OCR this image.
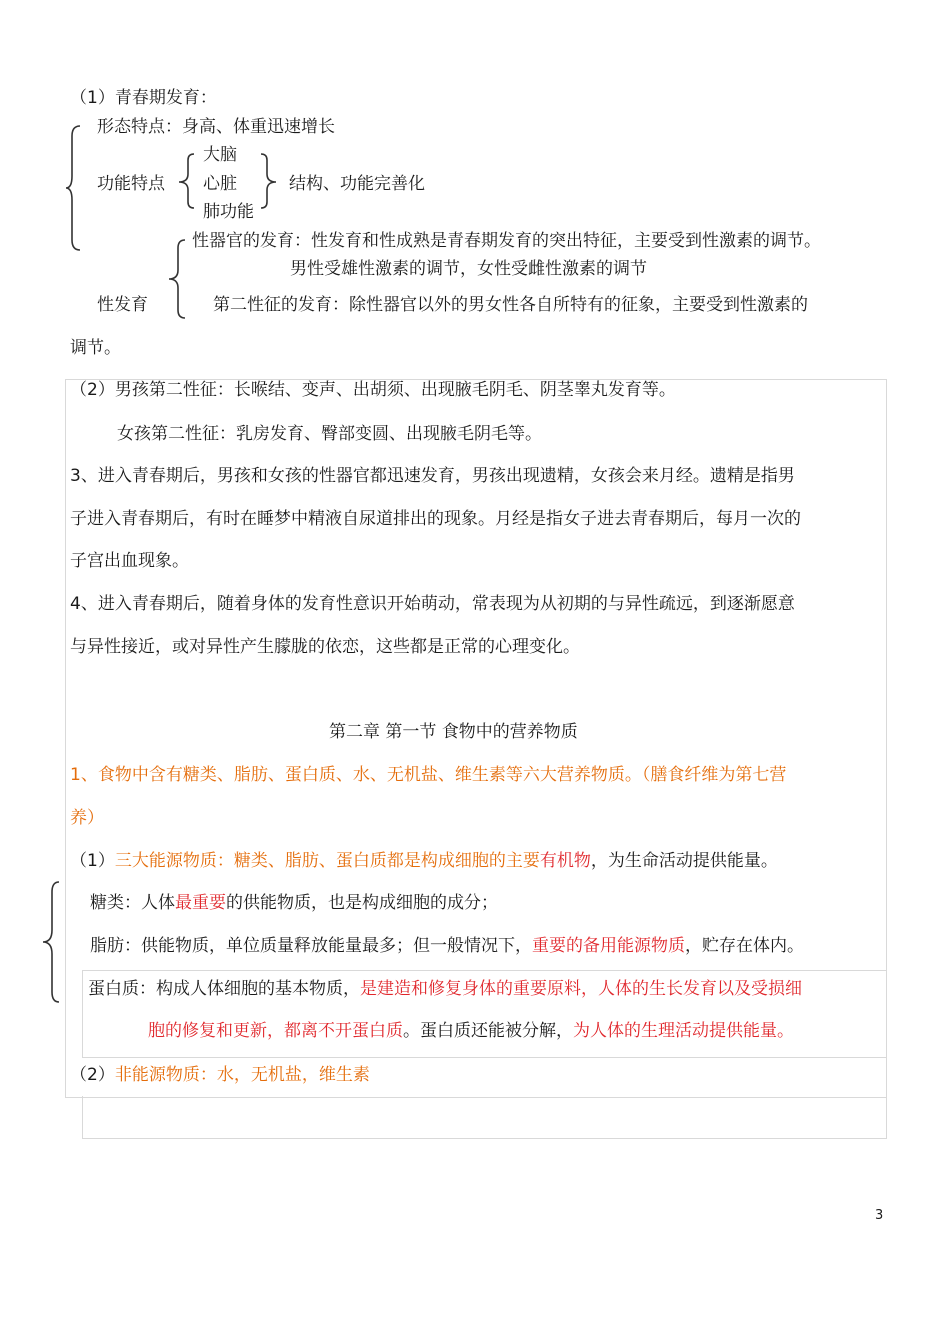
（1）青春期发育：
形态特点：身高、体重迅速增长
大脑
功能特点 心脏	结构、功能完善化
肺功能
性器官的发育：性发育和性成熟是青春期发育的突出特征，主要受到性激素的调节。
男性受雄性激素的调节，女性受雌性激素的调节
性发育	第二性征的发育：除性器官以外的男女性各自所特有的征象，主要受到性激素的
调节。
（2）男孩第二性征：长喉结、变声、出胡须、出现腋毛阴毛、阴茎睾丸发育等。
女孩第二性征：乳房发育、臀部变圆、出现腋毛阴毛等。
3、进入青春期后，男孩和女孩的性器官都迅速发育，男孩出现遗精，女孩会来月经。遗精是指男
子进入青春期后，有时在睡梦中精液自尿道排出的现象。月经是指女子进去青春期后，每月一次的
子宫出血现象。
4、进入青春期后，随着身体的发育性意识开始萌动，常表现为从初期的与异性疏远，到逐渐愿意
与异性接近，或对异性产生朦胧的依恋，这些都是正常的心理变化。
第二章 第一节 食物中的营养物质
1、食物中含有糖类、脂肪、蛋白质、水、无机盐、维生素等六大营养物质。（膳食纤维为第七营
养）
（1）三大能源物质：糖类、脂肪、蛋白质都是构成细胞的主要有机物，为生命活动提供能量。
糖类：人体最重要的供能物质，也是构成细胞的成分；
脂肪：供能物质，单位质量释放能量最多；但一般情况下，重要的备用能源物质，贮存在体内。
蛋白质：构成人体细胞的基本物质，是建造和修复身体的重要原料，人体的生长发育以及受损细
胞的修复和更新，都离不开蛋白质。蛋白质还能被分解，为人体的生理活动提供能量。
（2）非能源物质：水，无机盐，维生素
3
